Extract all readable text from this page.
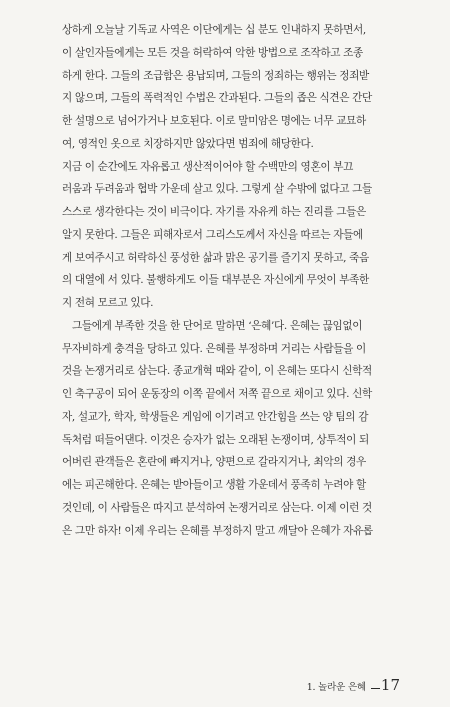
상하게 오늘날 기독교 사역은 이단에게는 십 분도 인내하지 못하면서,
이 살인자들에게는 모든 것을 허락하여 악한 방법으로 조작하고 조종
하게 한다. 그들의 조급함은 용납되며, 그들의 정죄하는 행위는 정죄받
지 않으며, 그들의 폭력적인 수법은 간과된다. 그들의 좁은 식견은 간단
한 설명으로 넘어가거나 보호된다. 이로 말미암은 명에는 너무 교묘하
여, 영적인 옷으로 치장하지만 않았다면 범죄에 해당한다.
지금 이 순간에도 자유롭고 생산적이어야 할 수백만의 영혼이 부끄
러움과 두려움과 협박 가운데 살고 있다. 그렇게 살 수밖에 없다고 그들
스스로 생각한다는 것이 비극이다. 자기를 자유케 하는 진리를 그들은
알지 못한다. 그들은 피해자로서 그리스도께서 자신을 따르는 자들에
게 보여주시고 허락하신 풍성한 삶과 맑은 공기를 즐기지 못하고, 죽음
의 대열에 서 있다. 불행하게도 이들 대부분은 자신에게 무엇이 부족한
지 전혀 모르고 있다.
그들에게 부족한 것을 한 단어로 말하면 ‘은혜’다. 은혜는 끊임없이
무자비하게 충격을 당하고 있다. 은혜를 부정하며 거리는 사람들을 이
것을 논쟁거리로 삼는다. 종교개혁 때와 같이, 이 은혜는 또다시 신학적
인 축구공이 되어 운동장의 이쪽 끝에서 저쪽 끝으로 채이고 있다. 신학
자, 설교가, 학자, 학생들은 게임에 이기려고 안간힘을 쓰는 양 팀의 감
독처럼 떠들어댄다. 이것은 승자가 없는 오래된 논쟁이며, 상투적이 되
어버린 관객들은 혼란에 빠지거나, 양편으로 갈라지거나, 최악의 경우
에는 피곤해한다. 은혜는 받아들이고 생활 가운데서 풍족히 누려야 할
것인데, 이 사람들은 따지고 분석하여 논쟁거리로 삼는다. 이제 이런 것
은 그만 하자! 이제 우리는 은혜를 부정하지 말고 깨달아 은혜가 자유롭
1. 놀라운 은혜 17
